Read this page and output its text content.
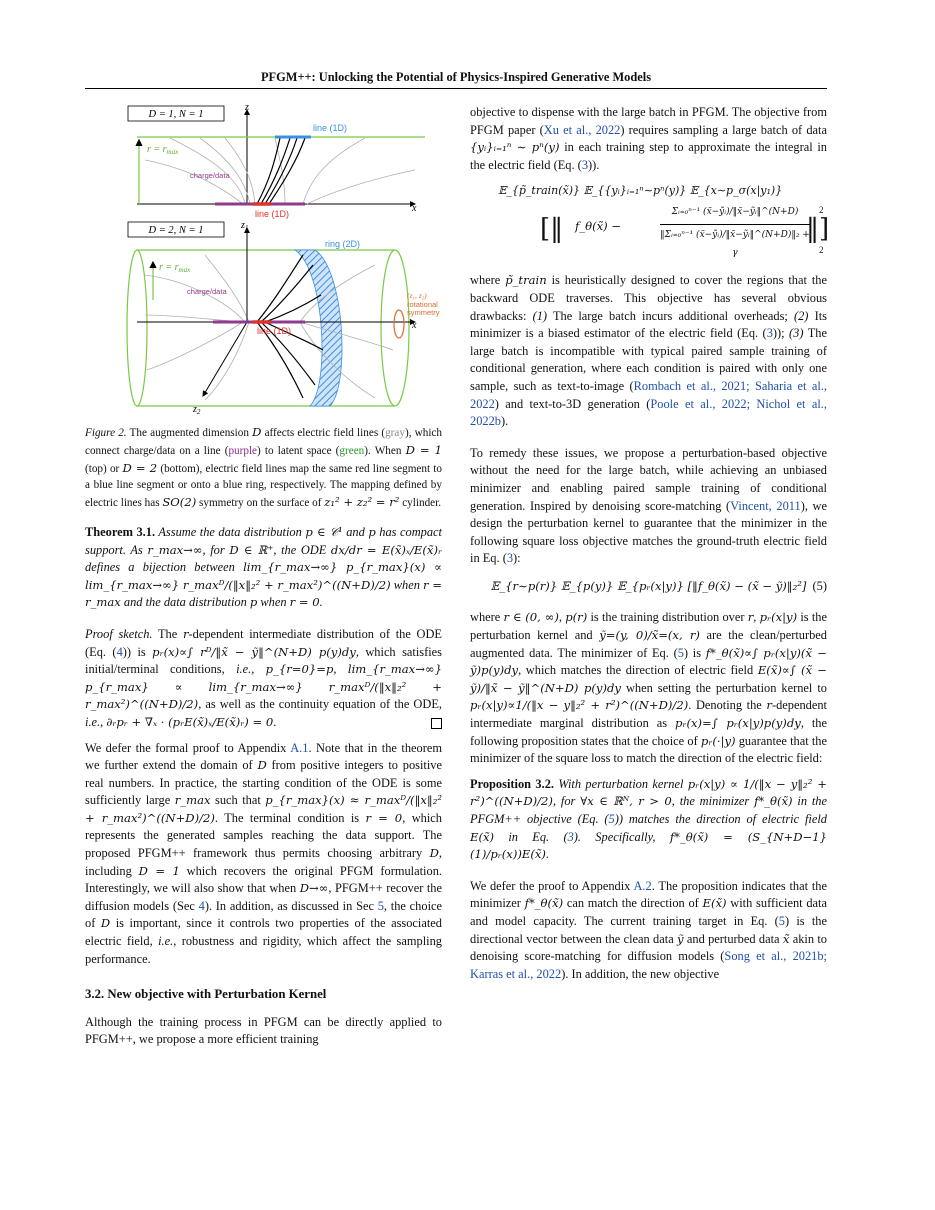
PFGM++: Unlocking the Potential of Physics-Inspired Generative Models
D = 1, N = 1
z
x
$r = r_{max}$
line (1D)
charge/data
line (1D)
D = 2, N = 1
$r = r_{max}$
ring (2D)
$z_1$
x
$z_2$
charge/data
line (1D)
(z₁, z₂)
rotational
symmetry

Figure 2. The augmented dimension D affects electric field lines (gray), which connect charge/data on a line (purple) to latent space (green). When D = 1 (top) or D = 2 (bottom), electric field lines map the same red line segment to a blue line segment or onto a blue ring, respectively. The mapping defined by electric lines has SO(2) symmetry on the surface of z₁² + z₂² = r² cylinder.

Theorem 3.1. Assume the data distribution p ∈ 𝒞¹ and p has compact support. As r_max→∞, for D ∈ ℝ⁺, the ODE dx/dr = E(x̃)ₓ/E(x̃)ᵣ defines a bijection between lim_{r_max→∞} p_{r_max}(x) ∝ lim_{r_max→∞} r_maxᴰ/(‖x‖₂² + r_max²)^((N+D)/2) when r = r_max and the data distribution p when r = 0.

Proof sketch. The r-dependent intermediate distribution of the ODE (Eq. (4)) is pᵣ(x)∝∫ rᴰ/‖x̃ − ỹ‖^(N+D) p(y)dy, which satisfies initial/terminal conditions, i.e., p_{r=0}=p, lim_{r_max→∞} p_{r_max} ∝ lim_{r_max→∞} r_maxᴰ/(‖x‖₂² + r_max²)^((N+D)/2), as well as the continuity equation of the ODE, i.e., ∂ᵣpᵣ + ∇ₓ · (pᵣE(x̃)ₓ/E(x̃)ᵣ) = 0.

We defer the formal proof to Appendix A.1. Note that in the theorem we further extend the domain of D from positive integers to positive real numbers. In practice, the starting condition of the ODE is some sufficiently large r_max such that p_{r_max}(x) ≈ r_maxᴰ/(‖x‖₂² + r_max²)^((N+D)/2). The terminal condition is r = 0, which represents the generated samples reaching the data support. The proposed PFGM++ framework thus permits choosing arbitrary D, including D = 1 which recovers the original PFGM formulation. Interestingly, we will also show that when D→∞, PFGM++ recover the diffusion models (Sec 4). In addition, as discussed in Sec 5, the choice of D is important, since it controls two properties of the associated electric field, i.e., robustness and rigidity, which affect the sampling performance.

3.2. New objective with Perturbation Kernel

Although the training process in PFGM can be directly applied to PFGM++, we propose a more efficient training

objective to dispense with the large batch in PFGM. The objective from PFGM paper (Xu et al., 2022) requires sampling a large batch of data {yᵢ}ᵢ₌₁ⁿ ∼ pⁿ(y) in each training step to approximate the integral in the electric field (Eq. (3)).

𝔼_{p̃_train(x̃)} 𝔼_{{yᵢ}ᵢ₌₁ⁿ∼pⁿ(y)} 𝔼_{x∼p_σ(x|y₁)}
[‖ f_θ(x̃) −	$\frac{\text{Σᵢ₌₀ⁿ⁻¹ (x̃−ỹᵢ)/‖x̃−ỹᵢ‖\textasciicircum{}(N+D)}}{\text{‖Σᵢ₌₀ⁿ⁻¹ (x̃−ỹᵢ)/‖x̃−ỹᵢ‖\textasciicircum{}(N+D)‖₂ + γ}}$
‖]
2
2

where p̃_train is heuristically designed to cover the regions that the backward ODE traverses. This objective has several obvious drawbacks: (1) The large batch incurs additional overheads; (2) Its minimizer is a biased estimator of the electric field (Eq. (3)); (3) The large batch is incompatible with typical paired sample training of conditional generation, where each condition is paired with only one sample, such as text-to-image (Rombach et al., 2021; Saharia et al., 2022) and text-to-3D generation (Poole et al., 2022; Nichol et al., 2022b).

To remedy these issues, we propose a perturbation-based objective without the need for the large batch, while achieving an unbiased minimizer and enabling paired sample training of conditional generation. Inspired by denoising score-matching (Vincent, 2011), we design the perturbation kernel to guarantee that the minimizer in the following square loss objective matches the ground-truth electric field in Eq. (3):

𝔼_{r∼p(r)} 𝔼_{p(y)} 𝔼_{pᵣ(x|y)} [‖f_θ(x̃) − (x̃ − ỹ)‖₂²] (5)

where r ∈ (0, ∞), p(r) is the training distribution over r, pᵣ(x|y) is the perturbation kernel and ỹ=(y, 0)/x̃=(x, r) are the clean/perturbed augmented data. The minimizer of Eq. (5) is f*_θ(x̃)∝∫ pᵣ(x|y)(x̃ − ỹ)p(y)dy, which matches the direction of electric field E(x̃)∝∫ (x̃ − ỹ)/‖x̃ − ỹ‖^(N+D) p(y)dy when setting the perturbation kernel to pᵣ(x|y)∝1/(‖x − y‖₂² + r²)^((N+D)/2). Denoting the r-dependent intermediate marginal distribution as pᵣ(x)=∫ pᵣ(x|y)p(y)dy, the following proposition states that the choice of pᵣ(·|y) guarantee that the minimizer of the square loss to match the direction of the electric field:

Proposition 3.2. With perturbation kernel pᵣ(x|y) ∝ 1/(‖x − y‖₂² + r²)^((N+D)/2), for ∀x ∈ ℝᴺ, r > 0, the minimizer f*_θ(x̃) in the PFGM++ objective (Eq. (5)) matches the direction of electric field E(x̃) in Eq. (3). Specifically, f*_θ(x̃) = (S_{N+D−1}(1)/pᵣ(x))E(x̃).

We defer the proof to Appendix A.2. The proposition indicates that the minimizer f*_θ(x̃) can match the direction of E(x̃) with sufficient data and model capacity. The current training target in Eq. (5) is the directional vector between the clean data ỹ and perturbed data x̃ akin to denoising score-matching for diffusion models (Song et al., 2021b; Karras et al., 2022). In addition, the new objective
